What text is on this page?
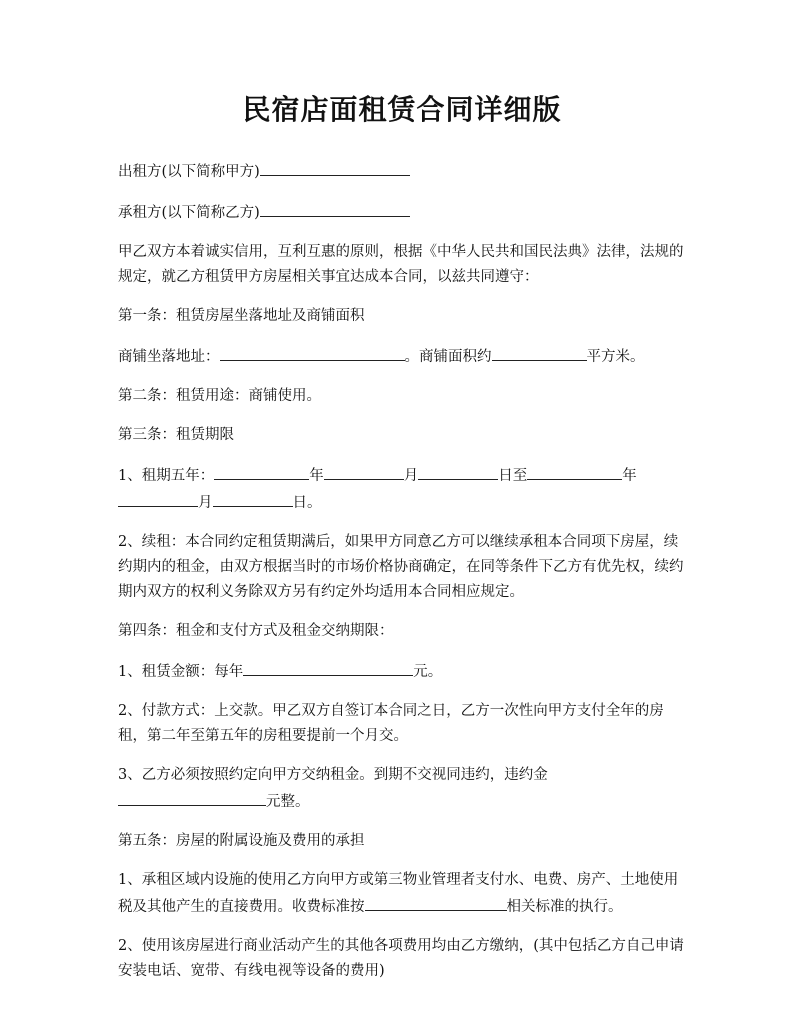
民宿店面租赁合同详细版

出租方(以下简称甲方)

承租方(以下简称乙方)

甲乙双方本着诚实信用，互利互惠的原则，根据《中华人民共和国民法典》法律，法规的规定，就乙方租赁甲方房屋相关事宜达成本合同，以兹共同遵守：

第一条：租赁房屋坐落地址及商铺面积

商铺坐落地址：	。商铺面积约	平方米。

第二条：租赁用途：商铺使用。

第三条：租赁期限

1、租期五年：	年	月	日至	年
月	日。

2、续租：本合同约定租赁期满后，如果甲方同意乙方可以继续承租本合同项下房屋，续约期内的租金，由双方根据当时的市场价格协商确定，在同等条件下乙方有优先权，续约期内双方的权利义务除双方另有约定外均适用本合同相应规定。

第四条：租金和支付方式及租金交纳期限：

1、租赁金额：每年	元。

2、付款方式：上交款。甲乙双方自签订本合同之日，乙方一次性向甲方支付全年的房租，第二年至第五年的房租要提前一个月交。

3、乙方必须按照约定向甲方交纳租金。到期不交视同违约，违约金
元整。

第五条：房屋的附属设施及费用的承担

1、承租区域内设施的使用乙方向甲方或第三物业管理者支付水、电费、房产、土地使用税及其他产生的直接费用。收费标准按	相关标准的执行。

2、使用该房屋进行商业活动产生的其他各项费用均由乙方缴纳，(其中包括乙方自己申请安装电话、宽带、有线电视等设备的费用)
